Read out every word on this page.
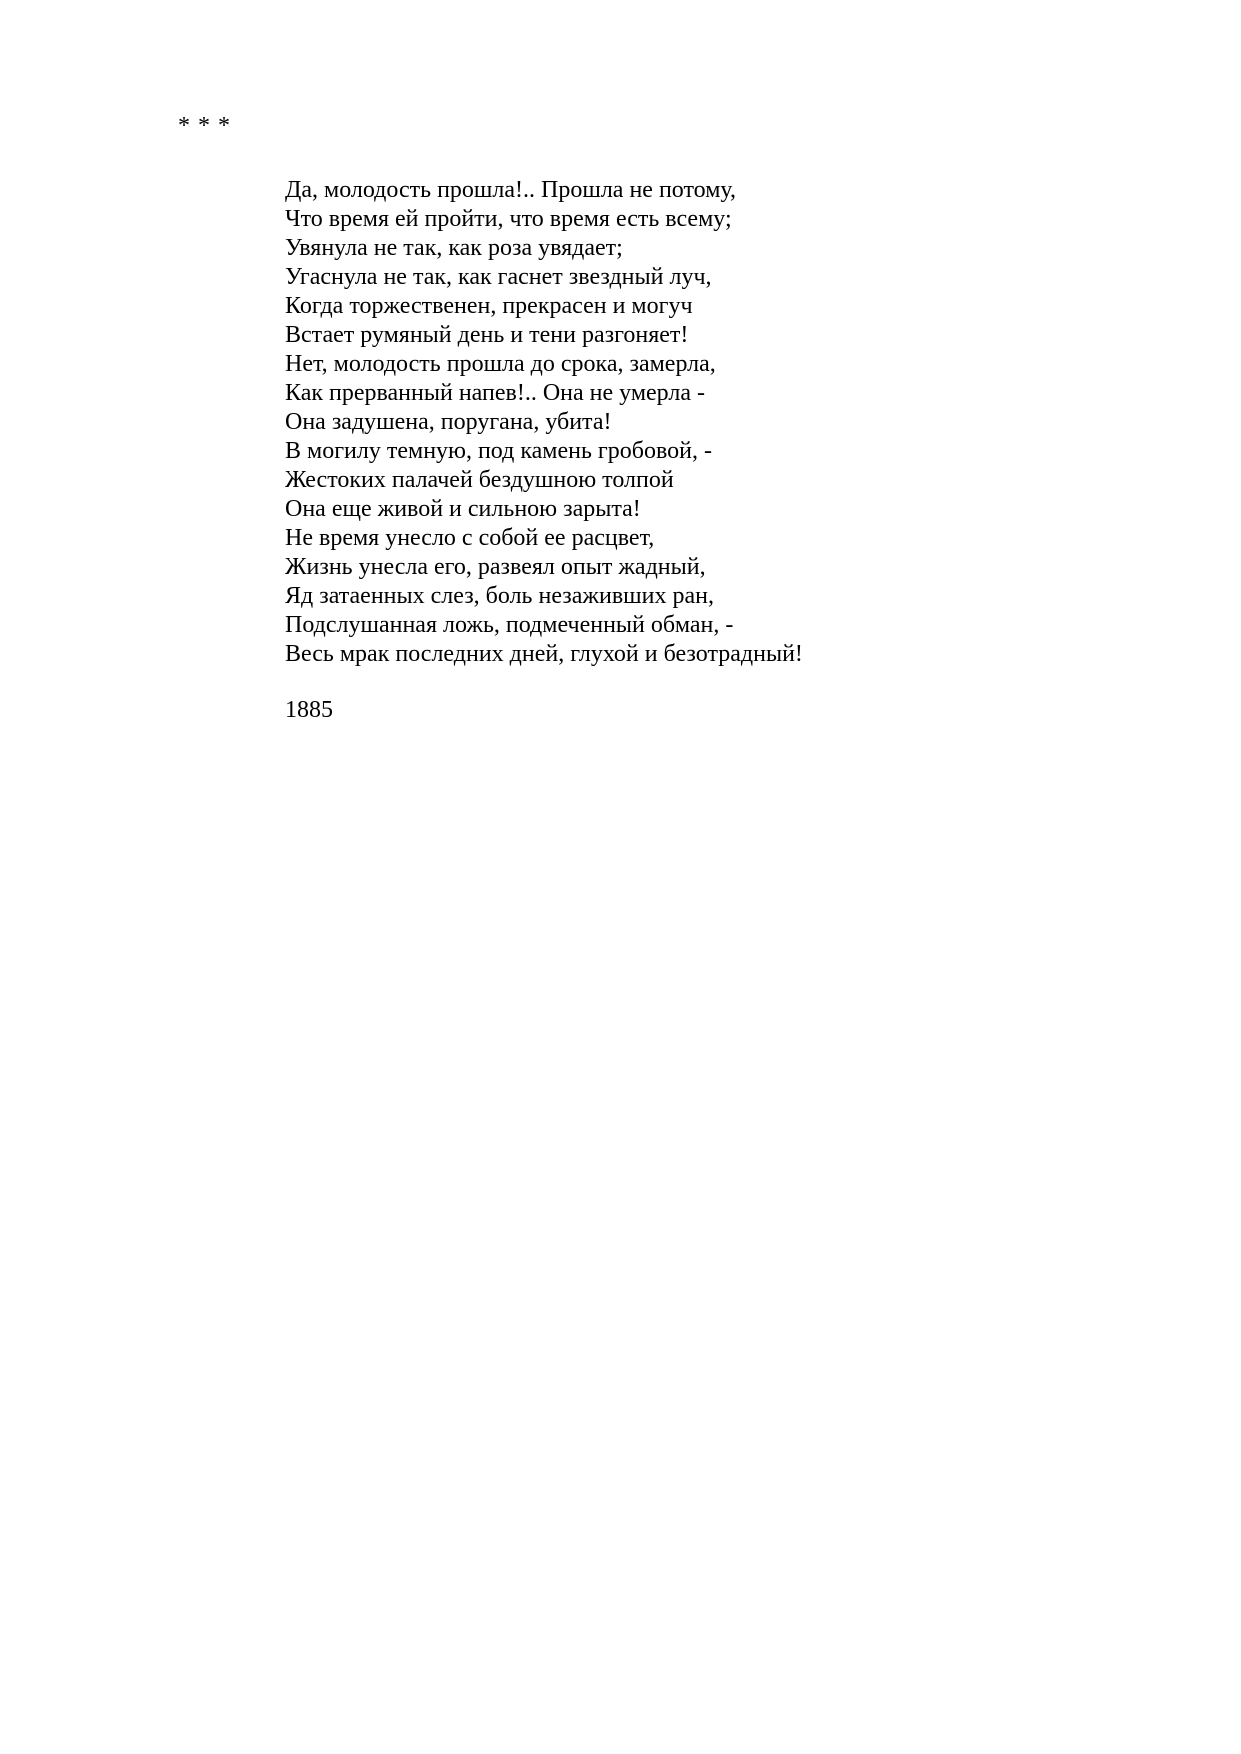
* * *
Да, молодость прошла!.. Прошла не потому,
Что время ей пройти, что время есть всему;
Увянула не так, как роза увядает;
Угаснула не так, как гаснет звездный луч,
Когда торжественен, прекрасен и могуч
Встает румяный день и тени разгоняет!
Нет, молодость прошла до срока, замерла,
Как прерванный напев!.. Она не умерла -
Она задушена, поругана, убита!
В могилу темную, под камень гробовой, -
Жестоких палачей бездушною толпой
Она еще живой и сильною зарыта!
Не время унесло с собой ее расцвет,
Жизнь унесла его, развеял опыт жадный,
Яд затаенных слез, боль незаживших ран,
Подслушанная ложь, подмеченный обман, -
Весь мрак последних дней, глухой и безотрадный!
1885
